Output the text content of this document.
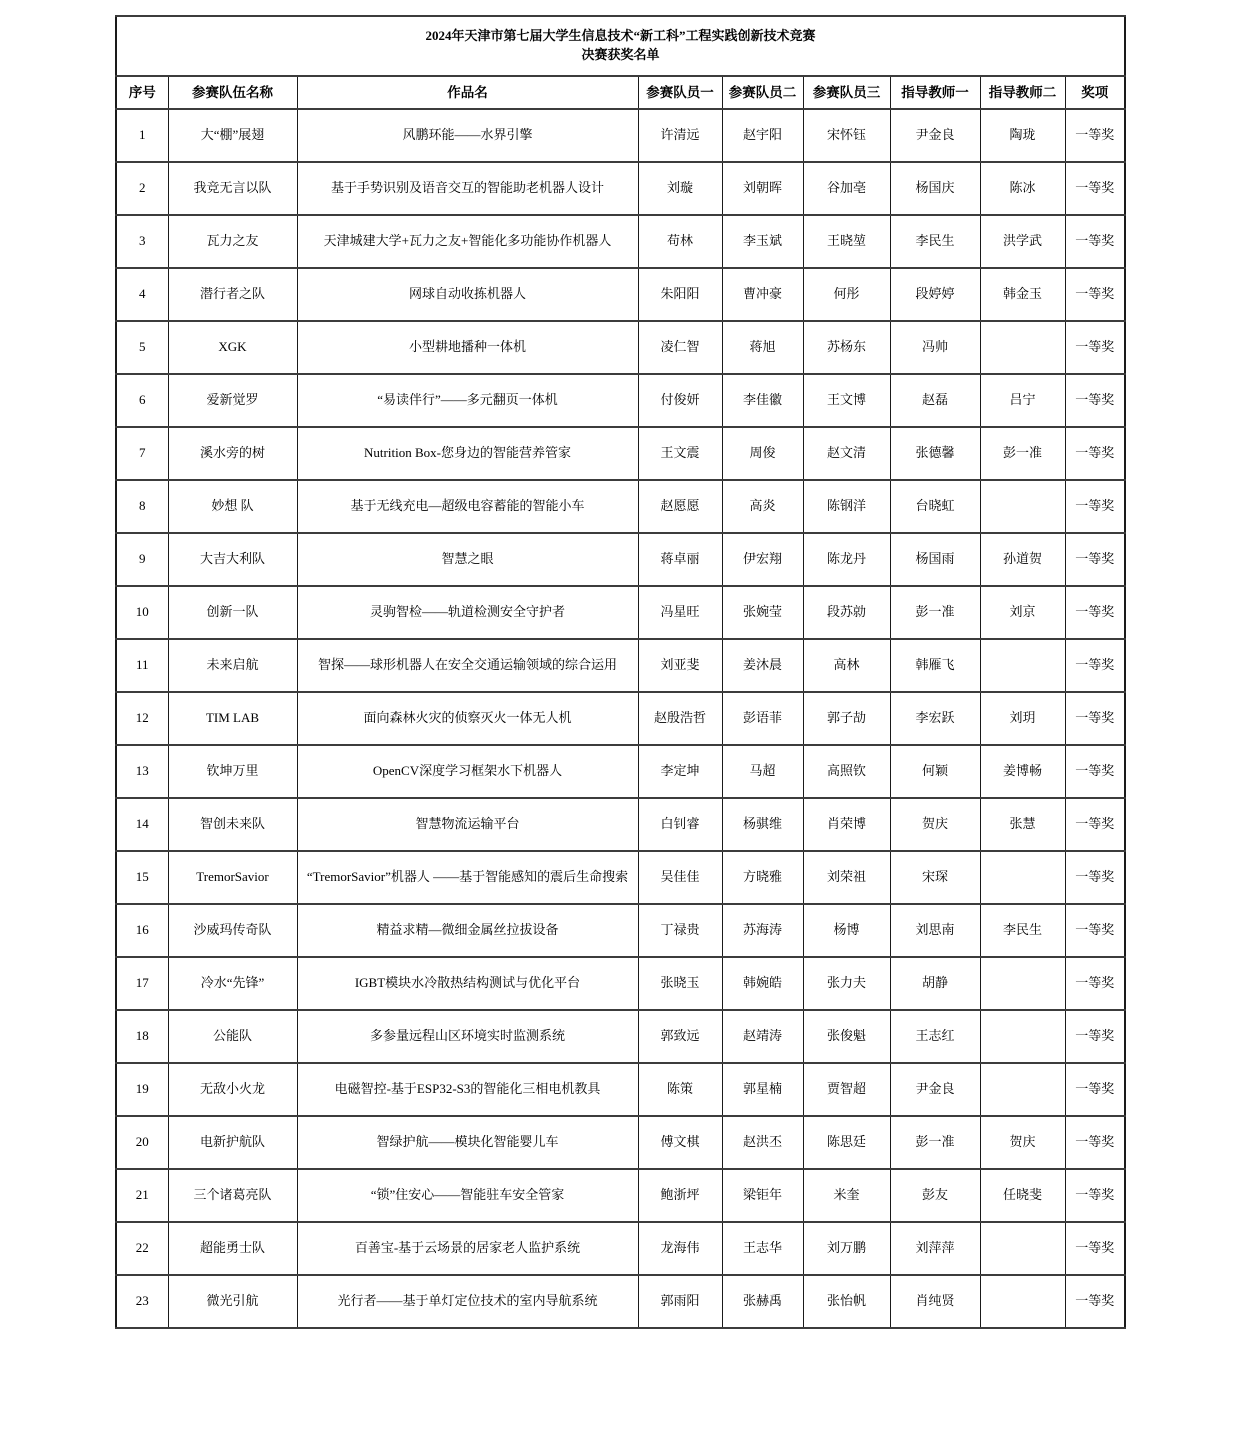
2024年天津市第七届大学生信息技术“新工科”工程实践创新技术竞赛
决赛获奖名单								

序号	参赛队伍名称	作品名	参赛队员一	参赛队员二	参赛队员三	指导教师一	指导教师二	奖项
1	大“棚”展翅	风鹏环能——水界引擎	许清远	赵宇阳	宋怀钰	尹金良	陶珑	一等奖
2	我竞无言以队	基于手势识别及语音交互的智能助老机器人设计	刘璇	刘朝晖	谷加亳	杨国庆	陈冰	一等奖
3	瓦力之友	天津城建大学+瓦力之友+智能化多功能协作机器人	苟林	李玉斌	王晓堃	李民生	洪学武	一等奖
4	潜行者之队	网球自动收拣机器人	朱阳阳	曹冲豪	何彤	段婷婷	韩金玉	一等奖
5	XGK	小型耕地播种一体机	凌仁智	蒋旭	苏杨东	冯帅		一等奖
6	爱新觉罗	“易读伴行”——多元翻页一体机	付俊妍	李佳徽	王文博	赵磊	吕宁	一等奖
7	溪水旁的树	Nutrition Box-您身边的智能营养管家	王文震	周俊	赵文清	张德馨	彭一准	一等奖
8	妙想 队	基于无线充电—超级电容蓄能的智能小车	赵愿愿	高炎	陈钢洋	台晓虹		一等奖
9	大吉大利队	智慧之眼	蒋卓丽	伊宏翔	陈龙丹	杨国雨	孙道贺	一等奖
10	创新一队	灵驹智检——轨道检测安全守护者	冯星旺	张婉莹	段苏勍	彭一准	刘京	一等奖
11	未来启航	智探——球形机器人在安全交通运输领域的综合运用	刘亚斐	姜沐晨	高林	韩雁飞		一等奖
12	TIM LAB	面向森林火灾的侦察灭火一体无人机	赵殷浩哲	彭语菲	郭子劼	李宏跃	刘玥	一等奖
13	钦坤万里	OpenCV深度学习框架水下机器人	李定坤	马超	高照钦	何颖	姜博畅	一等奖
14	智创未来队	智慧物流运输平台	白钊睿	杨骐维	肖荣博	贺庆	张慧	一等奖
15	TremorSavior	“TremorSavior”机器人 ——基于智能感知的震后生命搜索	吴佳佳	方晓雅	刘荣祖	宋琛		一等奖
16	沙威玛传奇队	精益求精—微细金属丝拉拔设备	丁禄贵	苏海涛	杨博	刘思南	李民生	一等奖
17	冷水“先锋”	IGBT模块水冷散热结构测试与优化平台	张晓玉	韩婉皓	张力夫	胡静		一等奖
18	公能队	多参量远程山区环境实时监测系统	郭致远	赵靖涛	张俊魁	王志红		一等奖
19	无敌小火龙	电磁智控-基于ESP32-S3的智能化三相电机教具	陈策	郭星楠	贾智超	尹金良		一等奖
20	电新护航队	智绿护航——模块化智能婴儿车	傅文棋	赵洪丕	陈思廷	彭一准	贺庆	一等奖
21	三个诸葛亮队	“锁”住安心——智能驻车安全管家	鲍浙坪	梁钜年	米奎	彭友	任晓斐	一等奖
22	超能勇士队	百善宝-基于云场景的居家老人监护系统	龙海伟	王志华	刘万鹏	刘萍萍		一等奖
23	微光引航	光行者——基于单灯定位技术的室内导航系统	郭雨阳	张赫禹	张怡帆	肖纯贤		一等奖
